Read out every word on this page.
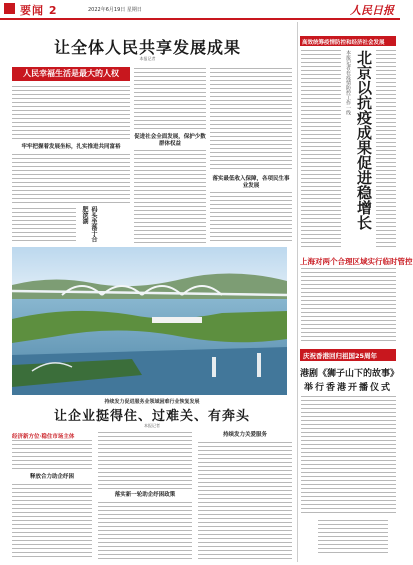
要闻 2	2022年6月19日 星期日	人民日报
让全体人民共享发展成果
本报记者
人民幸福生活是最大的人权
牢牢把握着发展坐标，扎实推进共同富裕
码头坐落于合肥滨湖
促进社会全面发展，保护少数群体权益
落实最低收入保障，各项民生事业发展
高效统筹疫情防控和经济社会发展
本报记者在疫情防控工作一线 北京以抗疫成果促进稳增长
上海对两个合理区域实行临时管控
庆祝香港回归祖国25周年
港剧《狮子山下的故事》
举行香港开播仪式
持续发力促进服务业领域困难行业恢复发展
让企业挺得住、过难关、有奔头
本报记者
经济新方位·稳住市场主体
释放合力助企纾困
落实新一轮助企纾困政策
持续发力关爱服务
